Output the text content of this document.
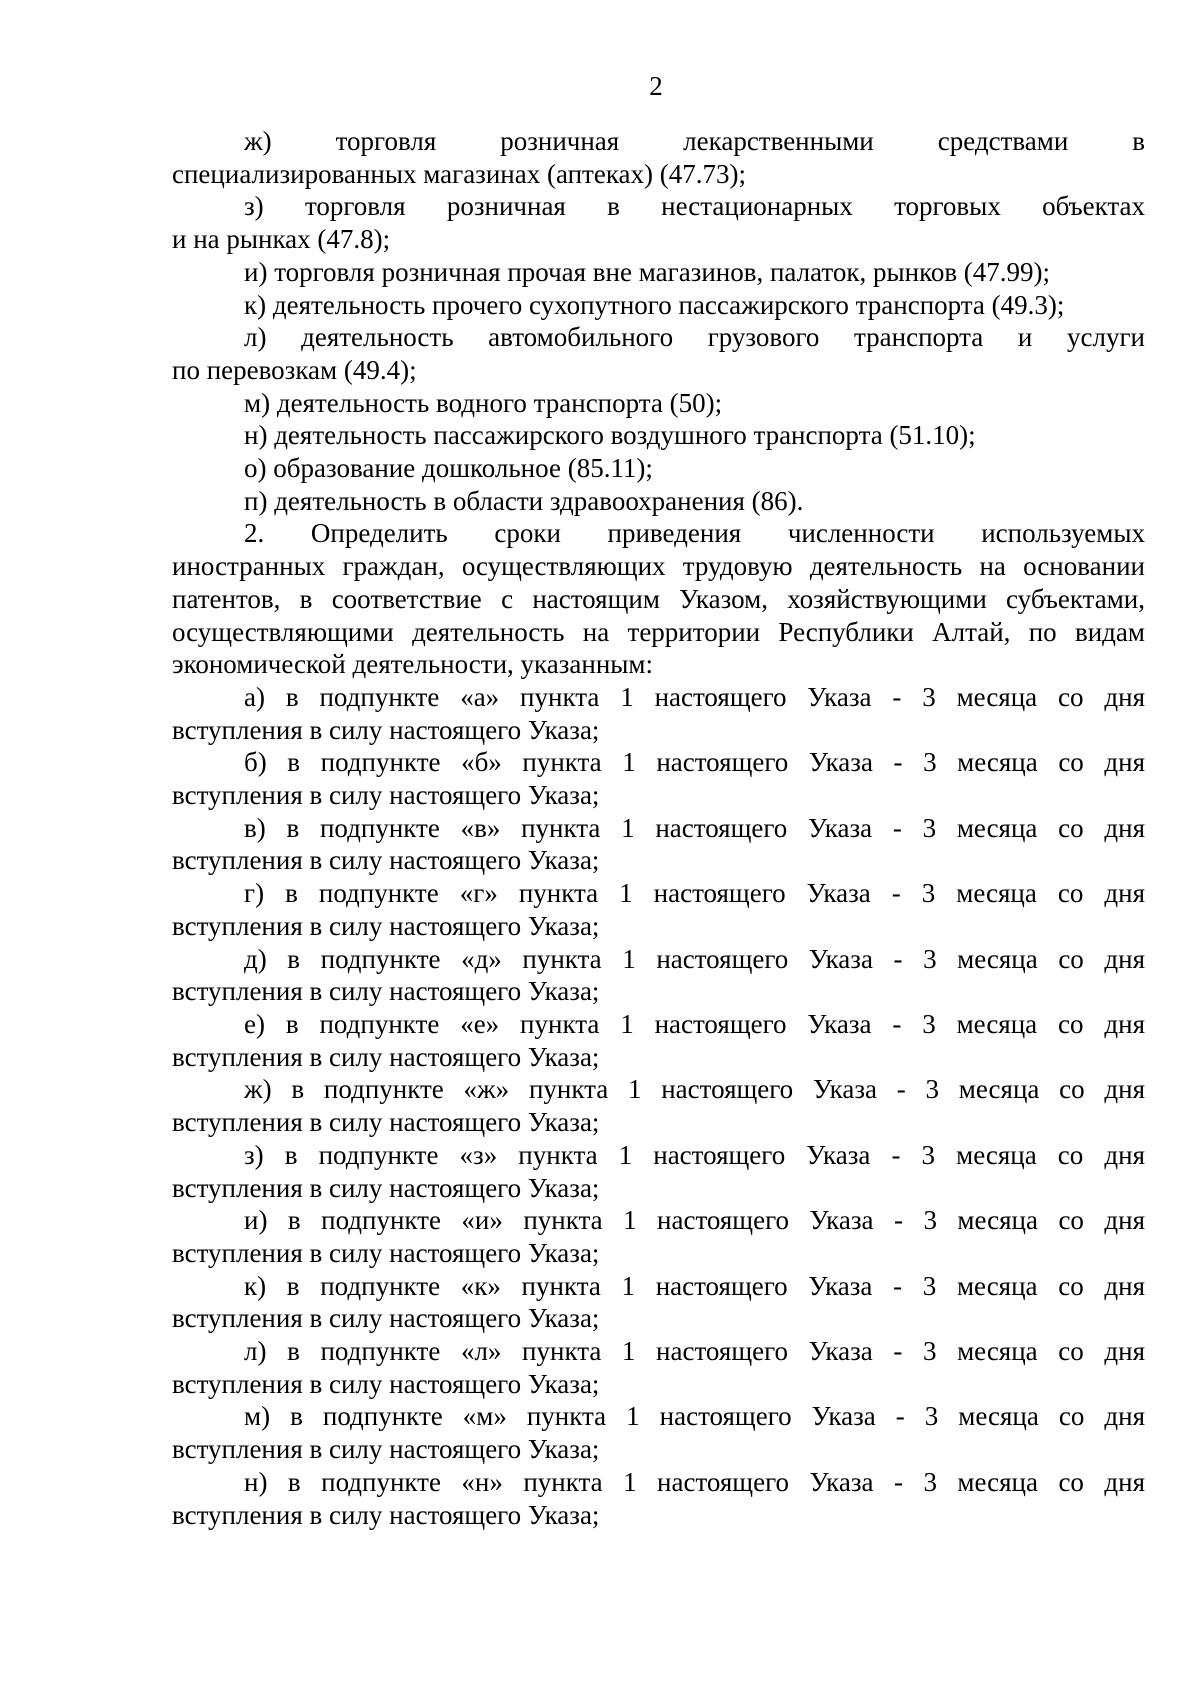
2
ж) торговля розничная лекарственными средствами в
специализированных магазинах (аптеках) (47.73);
з) торговля розничная в нестационарных торговых объектах
и на рынках (47.8);
и) торговля розничная прочая вне магазинов, палаток, рынков (47.99);
к) деятельность прочего сухопутного пассажирского транспорта (49.3);
л) деятельность автомобильного грузового транспорта и услуги
по перевозкам (49.4);
м) деятельность водного транспорта (50);
н) деятельность пассажирского воздушного транспорта (51.10);
о) образование дошкольное (85.11);
п) деятельность в области здравоохранения (86).
2. Определить сроки приведения численности используемых
иностранных граждан, осуществляющих трудовую деятельность на основании
патентов, в соответствие с настоящим Указом, хозяйствующими субъектами,
осуществляющими деятельность на территории Республики Алтай, по видам
экономической деятельности, указанным:
а) в подпункте «а» пункта 1 настоящего Указа - 3 месяца со дня
вступления в силу настоящего Указа;
б) в подпункте «б» пункта 1 настоящего Указа - 3 месяца со дня
вступления в силу настоящего Указа;
в) в подпункте «в» пункта 1 настоящего Указа - 3 месяца со дня
вступления в силу настоящего Указа;
г) в подпункте «г» пункта 1 настоящего Указа - 3 месяца со дня
вступления в силу настоящего Указа;
д) в подпункте «д» пункта 1 настоящего Указа - 3 месяца со дня
вступления в силу настоящего Указа;
е) в подпункте «е» пункта 1 настоящего Указа - 3 месяца со дня
вступления в силу настоящего Указа;
ж) в подпункте «ж» пункта 1 настоящего Указа - 3 месяца со дня
вступления в силу настоящего Указа;
з) в подпункте «з» пункта 1 настоящего Указа - 3 месяца со дня
вступления в силу настоящего Указа;
и) в подпункте «и» пункта 1 настоящего Указа - 3 месяца со дня
вступления в силу настоящего Указа;
к) в подпункте «к» пункта 1 настоящего Указа - 3 месяца со дня
вступления в силу настоящего Указа;
л) в подпункте «л» пункта 1 настоящего Указа - 3 месяца со дня
вступления в силу настоящего Указа;
м) в подпункте «м» пункта 1 настоящего Указа - 3 месяца со дня
вступления в силу настоящего Указа;
н) в подпункте «н» пункта 1 настоящего Указа - 3 месяца со дня
вступления в силу настоящего Указа;
